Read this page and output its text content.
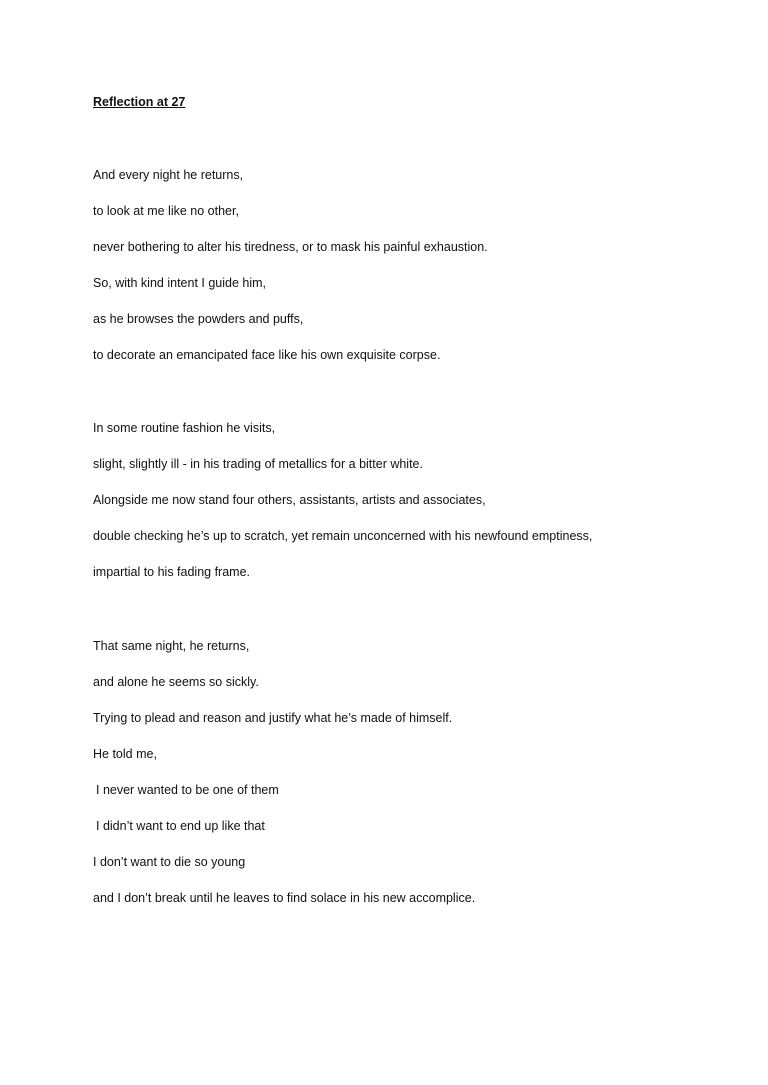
Reflection at 27
And every night he returns,
to look at me like no other,
never bothering to alter his tiredness, or to mask his painful exhaustion.
So, with kind intent I guide him,
as he browses the powders and puffs,
to decorate an emancipated face like his own exquisite corpse.
In some routine fashion he visits,
slight, slightly ill - in his trading of metallics for a bitter white.
Alongside me now stand four others, assistants, artists and associates,
double checking he’s up to scratch, yet remain unconcerned with his newfound emptiness,
impartial to his fading frame.
That same night, he returns,
and alone he seems so sickly.
Trying to plead and reason and justify what he’s made of himself.
He told me,
I never wanted to be one of them
I didn’t want to end up like that
I don’t want to die so young
and I don’t break until he leaves to find solace in his new accomplice.
